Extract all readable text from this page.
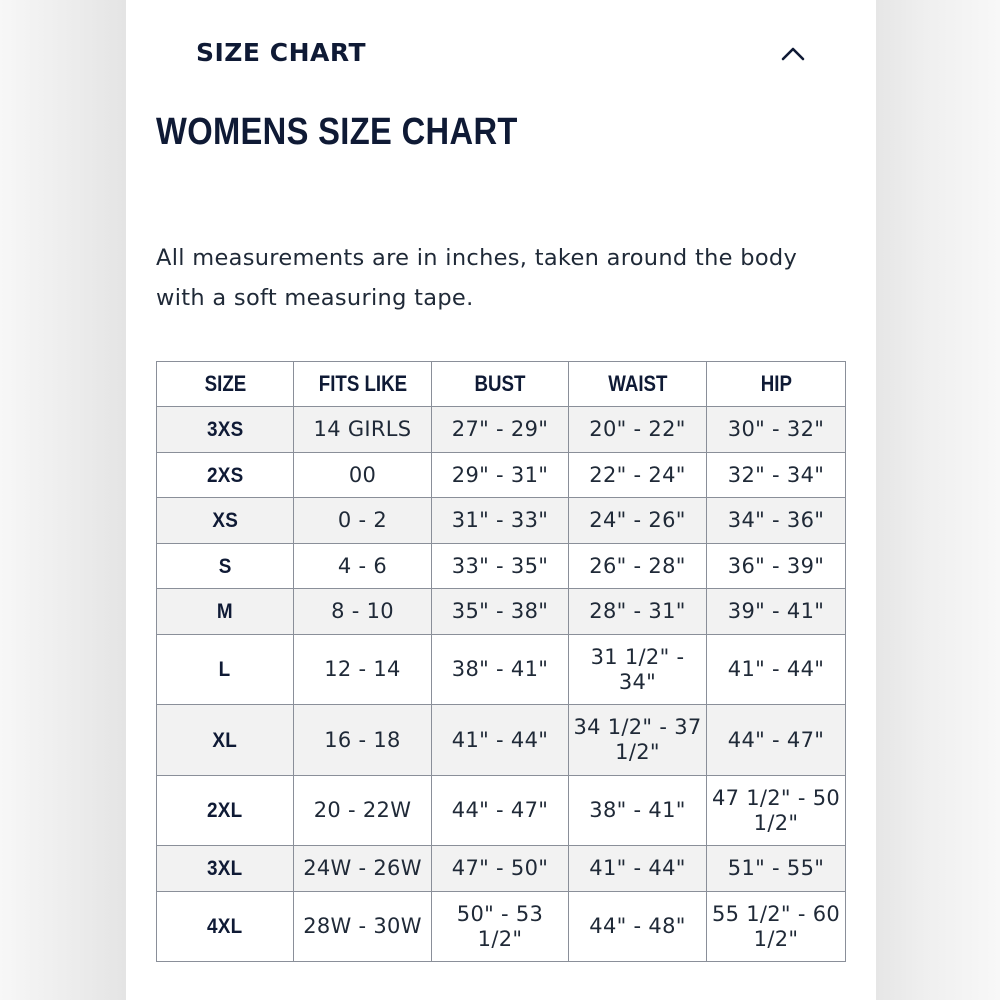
SIZE CHART
WOMENS SIZE CHART

All measurements are in inches, taken around the body with a soft measuring tape.

SIZE	FITS LIKE	BUST	WAIST	HIP
3XS	14 GIRLS	27" - 29"	20" - 22"	30" - 32"
2XS	00	29" - 31"	22" - 24"	32" - 34"
XS	0 - 2	31" - 33"	24" - 26"	34" - 36"
S	4 - 6	33" - 35"	26" - 28"	36" - 39"
M	8 - 10	35" - 38"	28" - 31"	39" - 41"
L	12 - 14	38" - 41"	31 1/2" - 34"	41" - 44"
XL	16 - 18	41" - 44"	34 1/2" - 37 1/2"	44" - 47"
2XL	20 - 22W	44" - 47"	38" - 41"	47 1/2" - 50 1/2"
3XL	24W - 26W	47" - 50"	41" - 44"	51" - 55"
4XL	28W - 30W	50" - 53 1/2"	44" - 48"	55 1/2" - 60 1/2"
